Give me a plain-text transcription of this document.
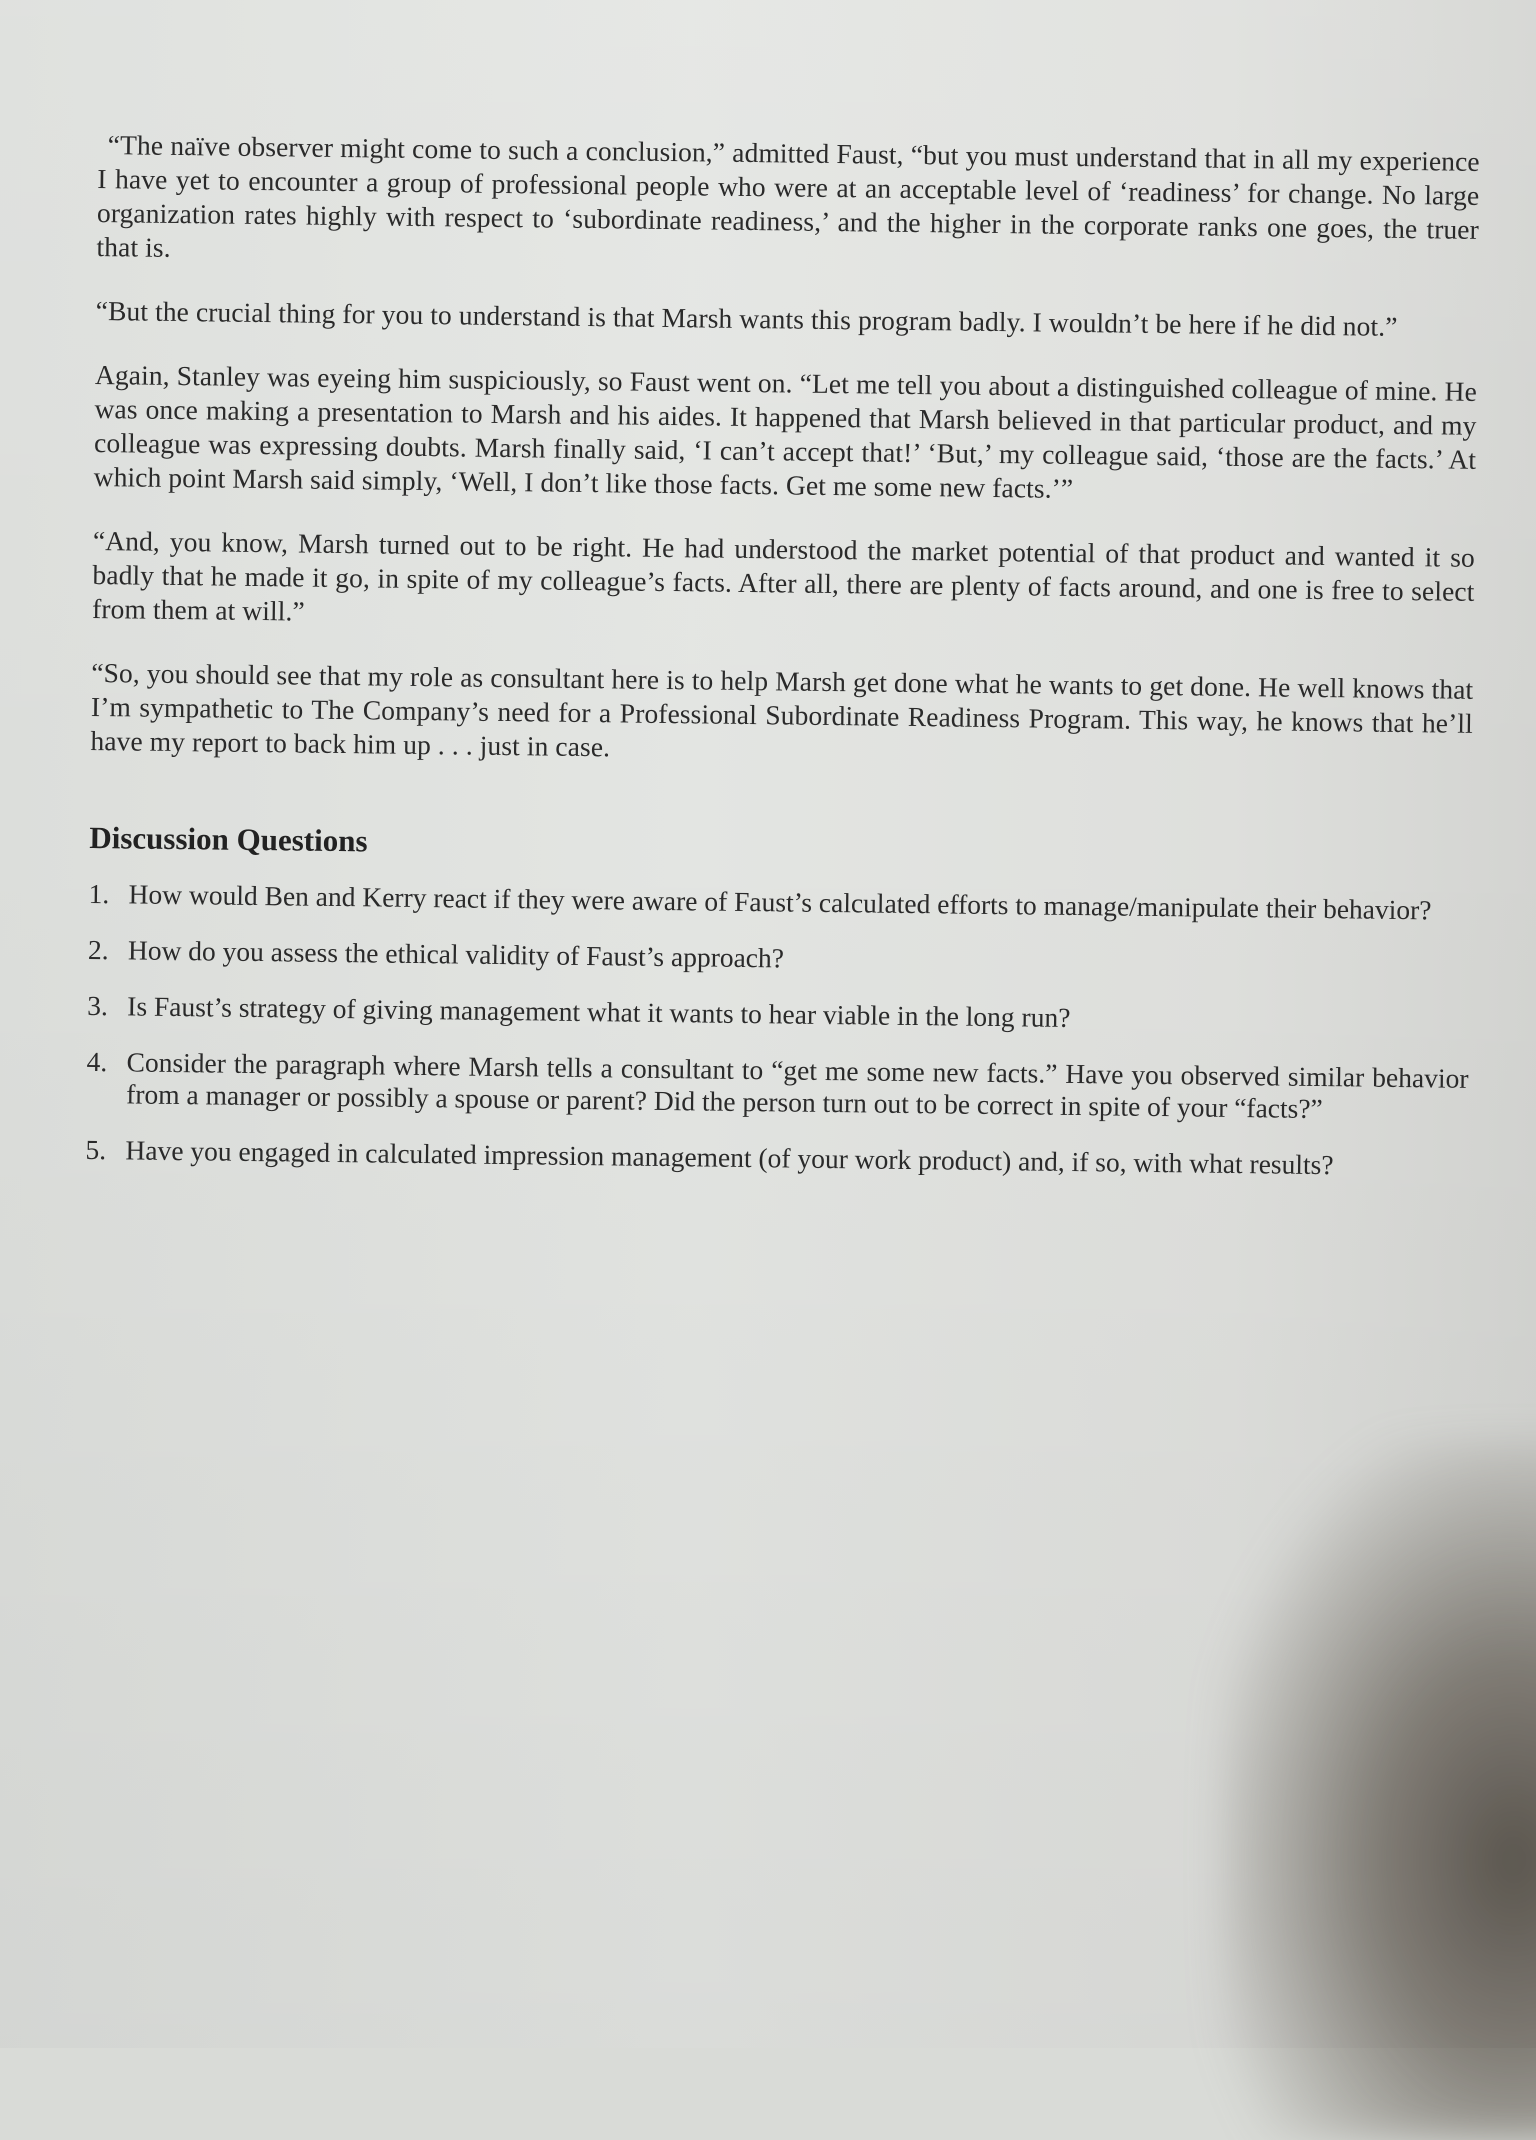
“The naïve observer might come to such a conclusion,” admitted Faust, “but you must understand that in all my experience I have yet to encounter a group of professional people who were at an acceptable level of ‘readiness’ for change. No large organization rates highly with respect to ‘subordinate readiness,’ and the higher in the corporate ranks one goes, the truer that is.

“But the crucial thing for you to understand is that Marsh wants this program badly. I wouldn’t be here if he did not.”

Again, Stanley was eyeing him suspiciously, so Faust went on. “Let me tell you about a distinguished colleague of mine. He was once making a presentation to Marsh and his aides. It happened that Marsh believed in that particular product, and my colleague was expressing doubts. Marsh finally said, ‘I can’t accept that!’ ‘But,’ my colleague said, ‘those are the facts.’ At which point Marsh said simply, ‘Well, I don’t like those facts. Get me some new facts.’”

“And, you know, Marsh turned out to be right. He had understood the market potential of that product and wanted it so badly that he made it go, in spite of my colleague’s facts. After all, there are plenty of facts around, and one is free to select from them at will.”

“So, you should see that my role as consultant here is to help Marsh get done what he wants to get done. He well knows that I’m sympathetic to The Company’s need for a Professional Subordinate Readiness Program. This way, he knows that he’ll have my report to back him up . . . just in case.

Discussion Questions
1. How would Ben and Kerry react if they were aware of Faust’s calculated efforts to manage/manipulate their behavior?
2. How do you assess the ethical validity of Faust’s approach?
3. Is Faust’s strategy of giving management what it wants to hear viable in the long run?
4. Consider the paragraph where Marsh tells a consultant to “get me some new facts.” Have you observed similar behavior from a manager or possibly a spouse or parent? Did the person turn out to be correct in spite of your “facts?”
5. Have you engaged in calculated impression management (of your work product) and, if so, with what results?
